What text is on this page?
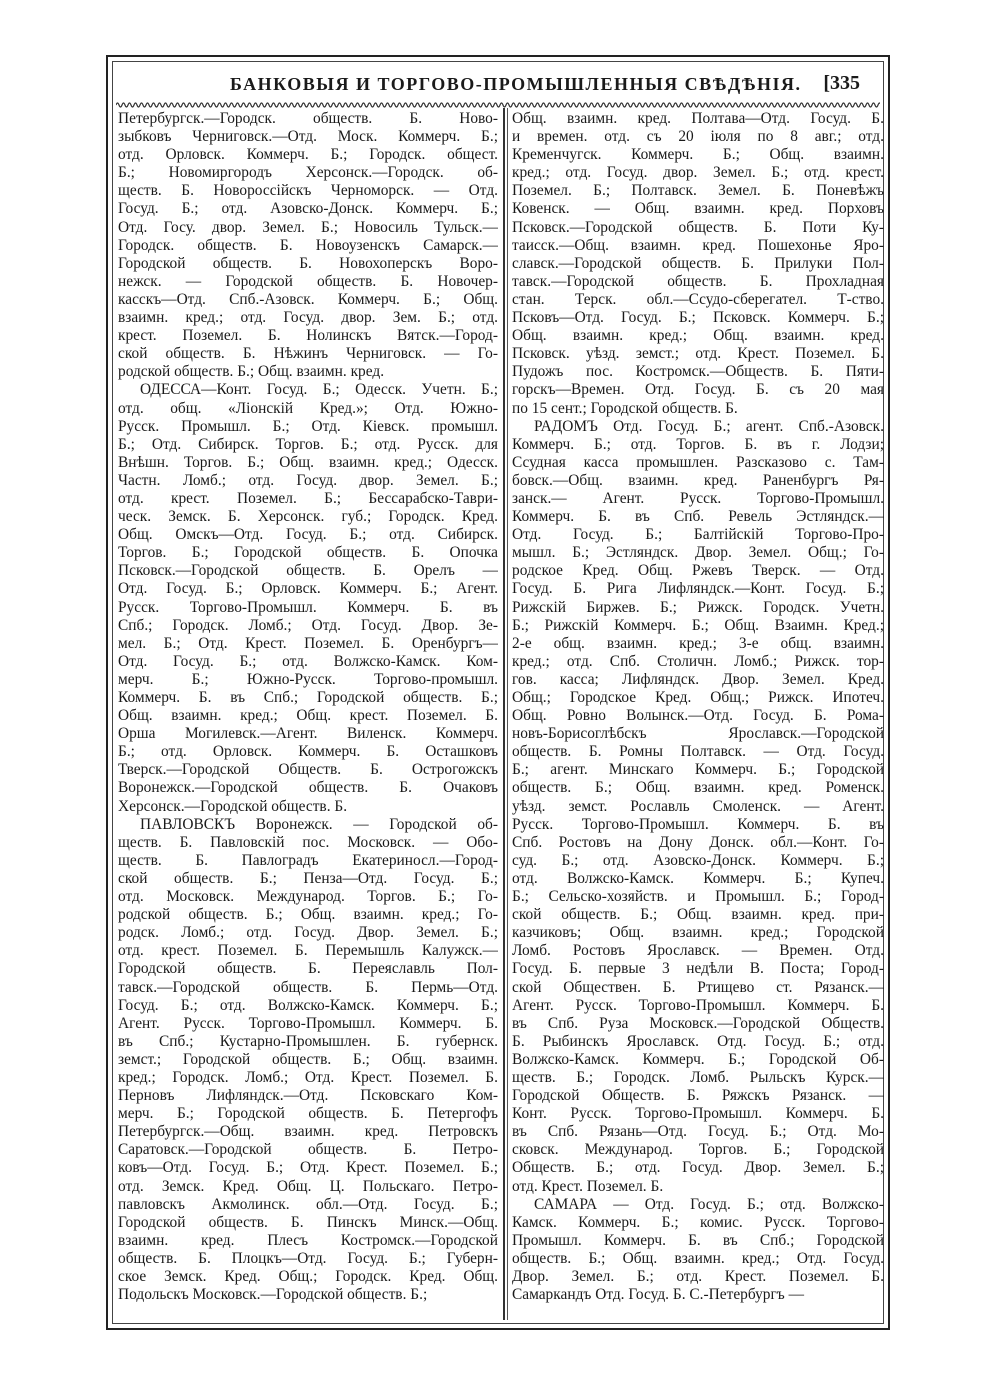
БАНКОВЫЯ И ТОРГОВО-ПРОМЫШЛЕННЫЯ СВѢДѢНІЯ. [335
Петербургск.—Городск. обществ. Б. Ново-
зыбковъ Черниговск.—Отд. Моск. Коммерч. Б.;
отд. Орловск. Коммерч. Б.; Городск. общест.
Б.; Новомиргородъ Херсонск.—Городск. об-
ществ. Б. Новороссійскъ Черноморск. — Отд.
Госуд. Б.; отд. Азовско-Донск. Коммерч. Б.;
Отд. Госу. двор. Земел. Б.; Новосиль Тульск.—
Городск. обществ. Б. Новоузенскъ Самарск.—
Городской обществ. Б. Новохоперскъ Воро-
нежск. — Городской обществ. Б. Новочер-
касскъ—Отд. Спб.-Азовск. Коммерч. Б.; Общ.
взаимн. кред.; отд. Госуд. двор. Зем. Б.; отд.
крест. Поземел. Б. Нолинскъ Вятск.—Город-
ской обществ. Б. Нѣжинъ Черниговск. — Го-
родской обществ. Б.; Общ. взаимн. кред.
ОДЕССА—Конт. Госуд. Б.; Одесск. Учетн. Б.;
отд. общ. «Ліонскій Кред.»; Отд. Южно-
Русск. Промышл. Б.; Отд. Кіевск. промышл.
Б.; Отд. Сибирск. Торгов. Б.; отд. Русск. для
Внѣшн. Торгов. Б.; Общ. взаимн. кред.; Одесск.
Частн. Ломб.; отд. Госуд. двор. Земел. Б.;
отд. крест. Поземел. Б.; Бессарабско-Таври-
ческ. Земск. Б. Херсонск. губ.; Городск. Кред.
Общ. Омскъ—Отд. Госуд. Б.; отд. Сибирск.
Торгов. Б.; Городской обществ. Б. Опочка
Псковск.—Городской обществ. Б. Орелъ —
Отд. Госуд. Б.; Орловск. Коммерч. Б.; Агент.
Русск. Торгово-Промышл. Коммерч. Б. въ
Спб.; Городск. Ломб.; Отд. Госуд. Двор. Зе-
мел. Б.; Отд. Крест. Поземел. Б. Оренбургъ—
Отд. Госуд. Б.; отд. Волжско-Камск. Ком-
мерч. Б.; Южно-Русск. Торгово-промышл.
Коммерч. Б. въ Спб.; Городской обществ. Б.;
Общ. взаимн. кред.; Общ. крест. Поземел. Б.
Орша Могилевск.—Агент. Виленск. Коммерч.
Б.; отд. Орловск. Коммерч. Б. Осташковъ
Тверск.—Городской Обществ. Б. Острогожскъ
Воронежск.—Городской обществ. Б. Очаковъ
Херсонск.—Городской обществ. Б.
ПАВЛОВСКЪ Воронежск. — Городской об-
ществ. Б. Павловскій пос. Московск. — Обо-
ществ. Б. Павлоградъ Екатериносл.—Город-
ской обществ. Б.; Пенза—Отд. Госуд. Б.;
отд. Московск. Международ. Торгов. Б.; Го-
родской обществ. Б.; Общ. взаимн. кред.; Го-
родск. Ломб.; отд. Госуд. Двор. Земел. Б.;
отд. крест. Поземел. Б. Перемышль Калужск.—
Городской обществ. Б. Переяславль Пол-
тавск.—Городской обществ. Б. Пермь—Отд.
Госуд. Б.; отд. Волжско-Камск. Коммерч. Б.;
Агент. Русск. Торгово-Промышл. Коммерч. Б.
въ Спб.; Кустарно-Промышлен. Б. губернск.
земст.; Городской обществ. Б.; Общ. взаимн.
кред.; Городск. Ломб.; Отд. Крест. Поземел. Б.
Перновъ Лифляндск.—Отд. Псковскаго Ком-
мерч. Б.; Городской обществ. Б. Петергофъ
Петербургск.—Общ. взаимн. кред. Петровскъ
Саратовск.—Городской обществ. Б. Петро-
ковъ—Отд. Госуд. Б.; Отд. Крест. Поземел. Б.;
отд. Земск. Кред. Общ. Ц. Польскаго. Петро-
павловскъ Акмолинск. обл.—Отд. Госуд. Б.;
Городской обществ. Б. Пинскъ Минск.—Общ.
взаимн. кред. Плесъ Костромск.—Городской
обществ. Б. Плоцкъ—Отд. Госуд. Б.; Губерн-
ское Земск. Кред. Общ.; Городск. Кред. Общ.
Подольскъ Московск.—Городской обществ. Б.;
Общ. взаимн. кред. Полтава—Отд. Госуд. Б.
и времен. отд. съ 20 іюля по 8 авг.; отд.
Кременчугск. Коммерч. Б.; Общ. взаимн.
кред.; отд. Госуд. двор. Земел. Б.; отд. крест.
Поземел. Б.; Полтавск. Земел. Б. Поневѣжъ
Ковенск. — Общ. взаимн. кред. Порховъ
Псковск.—Городской обществ. Б. Поти Ку-
таисск.—Общ. взаимн. кред. Пошехонье Яро-
славск.—Городской обществ. Б. Прилуки Пол-
тавск.—Городской обществ. Б. Прохладная
стан. Терск. обл.—Ссудо-сберегател. Т-ство.
Псковъ—Отд. Госуд. Б.; Псковск. Коммерч. Б.;
Общ. взаимн. кред.; Общ. взаимн. кред.
Псковск. уѣзд. земст.; отд. Крест. Поземел. Б.
Пудожъ пос. Костромск.—Обществ. Б. Пяти-
горскъ—Времен. Отд. Госуд. Б. съ 20 мая
по 15 сент.; Городской обществ. Б.
РАДОМЪ Отд. Госуд. Б.; агент. Спб.-Азовск.
Коммерч. Б.; отд. Торгов. Б. въ г. Лодзи;
Ссудная касса промышлен. Разсказово с. Там-
бовск.—Общ. взаимн. кред. Раненбургъ Ря-
занск.— Агент. Русск. Торгово-Промышл.
Коммерч. Б. въ Спб. Ревель Эстляндск.—
Отд. Госуд. Б.; Балтійскій Торгово-Про-
мышл. Б.; Эстляндск. Двор. Земел. Общ.; Го-
родское Кред. Общ. Ржевъ Тверск. — Отд.
Госуд. Б. Рига Лифляндск.—Конт. Госуд. Б.;
Рижскій Биржев. Б.; Рижск. Городск. Учетн.
Б.; Рижскій Коммерч. Б.; Общ. Взаимн. Кред.;
2-е общ. взаимн. кред.; 3-е общ. взаимн.
кред.; отд. Спб. Столичн. Ломб.; Рижск. тор-
гов. касса; Лифляндск. Двор. Земел. Кред.
Общ.; Городское Кред. Общ.; Рижск. Ипотеч.
Общ. Ровно Волынск.—Отд. Госуд. Б. Рома-
новъ-Борисоглѣбскъ Ярославск.—Городской
обществ. Б. Ромны Полтавск. — Отд. Госуд.
Б.; агент. Минскаго Коммерч. Б.; Городской
обществ. Б.; Общ. взаимн. кред. Роменск.
уѣзд. земст. Рославль Смоленск. — Агент.
Русск. Торгово-Промышл. Коммерч. Б. въ
Спб. Ростовъ на Дону Донск. обл.—Конт. Го-
суд. Б.; отд. Азовско-Донск. Коммерч. Б.;
отд. Волжско-Камск. Коммерч. Б.; Купеч.
Б.; Сельско-хозяйств. и Промышл. Б.; Город-
ской обществ. Б.; Общ. взаимн. кред. при-
казчиковъ; Общ. взаимн. кред.; Городской
Ломб. Ростовъ Ярославск. — Времен. Отд.
Госуд. Б. первые 3 недѣли В. Поста; Город-
ской Обществен. Б. Ртищево ст. Рязанск.—
Агент. Русск. Торгово-Промышл. Коммерч. Б.
въ Спб. Руза Московск.—Городской Обществ.
Б. Рыбинскъ Ярославск. Отд. Госуд. Б.; отд.
Волжско-Камск. Коммерч. Б.; Городской Об-
ществ. Б.; Городск. Ломб. Рыльскъ Курск.—
Городской Обществ. Б. Ряжскъ Рязанск. —
Конт. Русск. Торгово-Промышл. Коммерч. Б.
въ Спб. Рязань—Отд. Госуд. Б.; Отд. Мо-
сковск. Международ. Торгов. Б.; Городской
Обществ. Б.; отд. Госуд. Двор. Земел. Б.;
отд. Крест. Поземел. Б.
САМАРА — Отд. Госуд. Б.; отд. Волжско-
Камск. Коммерч. Б.; комис. Русск. Торгово-
Промышл. Коммерч. Б. въ Спб.; Городской
обществ. Б.; Общ. взаимн. кред.; Отд. Госуд.
Двор. Земел. Б.; отд. Крест. Поземел. Б.
Самаркандъ Отд. Госуд. Б. С.-Петербургъ —
